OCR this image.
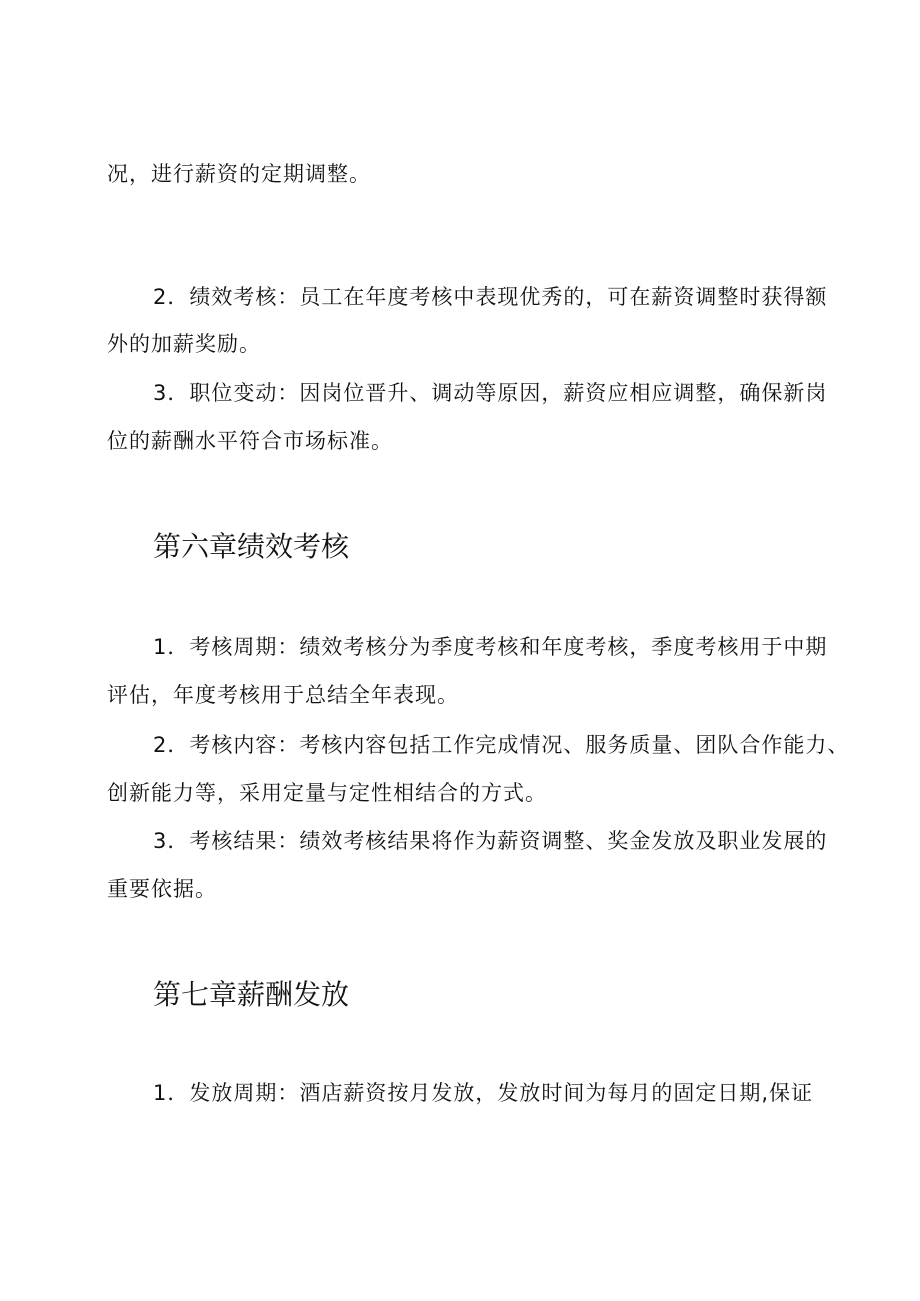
况，进行薪资的定期调整。
2．绩效考核：员工在年度考核中表现优秀的，可在薪资调整时获得额
外的加薪奖励。
3．职位变动：因岗位晋升、调动等原因，薪资应相应调整，确保新岗
位的薪酬水平符合市场标准。
第六章绩效考核
1．考核周期：绩效考核分为季度考核和年度考核，季度考核用于中期
评估，年度考核用于总结全年表现。
2．考核内容：考核内容包括工作完成情况、服务质量、团队合作能力、
创新能力等，采用定量与定性相结合的方式。
3．考核结果：绩效考核结果将作为薪资调整、奖金发放及职业发展的
重要依据。
第七章薪酬发放
1．发放周期：酒店薪资按月发放，发放时间为每月的固定日期,保证
